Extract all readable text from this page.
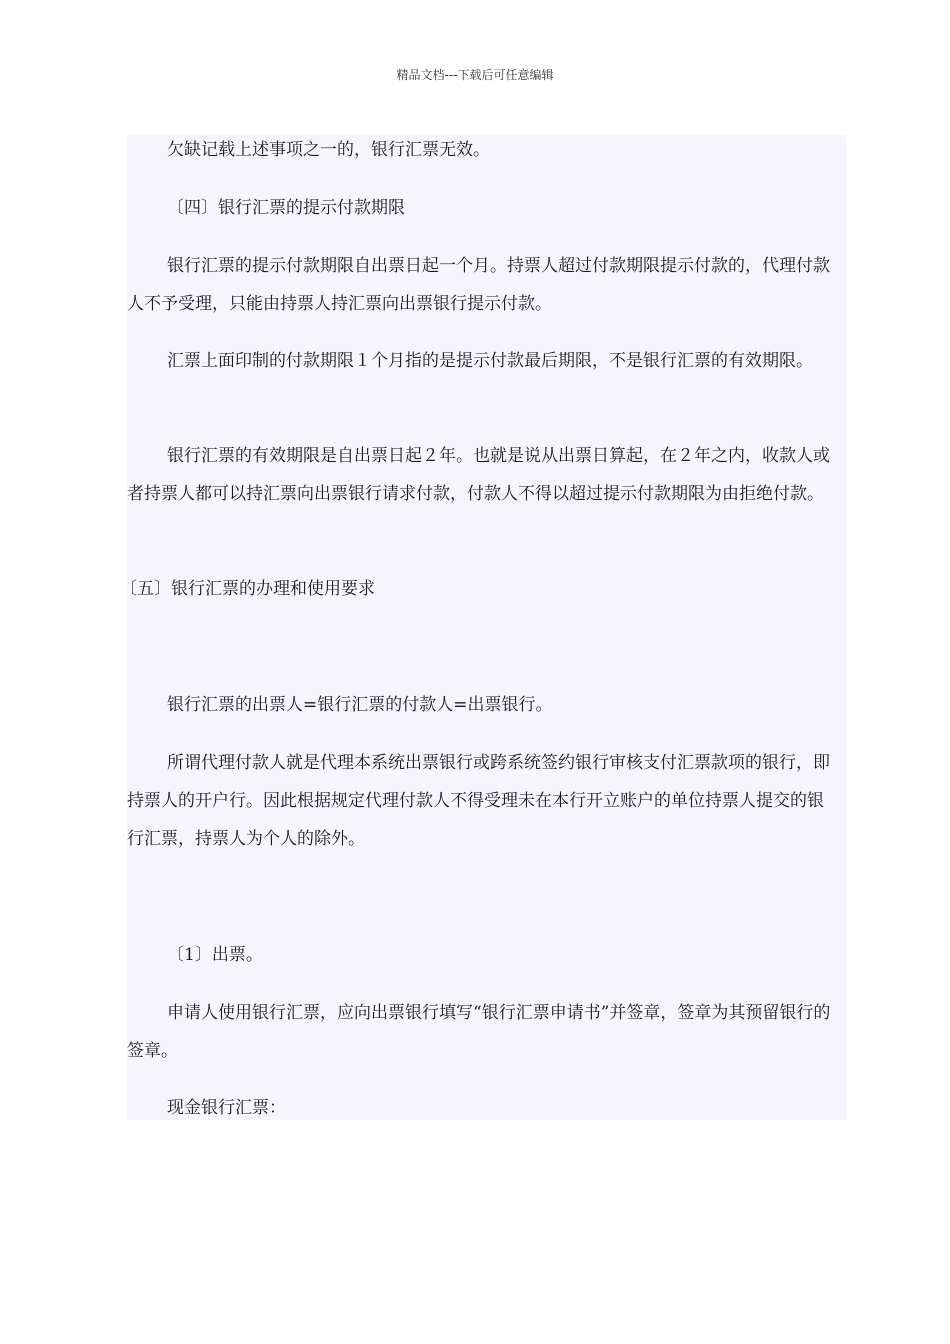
精品文档---下载后可任意编辑

欠缺记载上述事项之一的，银行汇票无效。

〔四〕银行汇票的提示付款期限

银行汇票的提示付款期限自出票日起一个月。持票人超过付款期限提示付款的，代理付款人不予受理，只能由持票人持汇票向出票银行提示付款。

汇票上面印制的付款期限１个月指的是提示付款最后期限，不是银行汇票的有效期限。

银行汇票的有效期限是自出票日起２年。也就是说从出票日算起，在２年之内，收款人或者持票人都可以持汇票向出票银行请求付款，付款人不得以超过提示付款期限为由拒绝付款。

〔五〕银行汇票的办理和使用要求

银行汇票的出票人=银行汇票的付款人=出票银行。

所谓代理付款人就是代理本系统出票银行或跨系统签约银行审核支付汇票款项的银行，即持票人的开户行。因此根据规定代理付款人不得受理未在本行开立账户的单位持票人提交的银行汇票，持票人为个人的除外。

〔1〕出票。

申请人使用银行汇票，应向出票银行填写“银行汇票申请书”并签章，签章为其预留银行的签章。

现金银行汇票：
